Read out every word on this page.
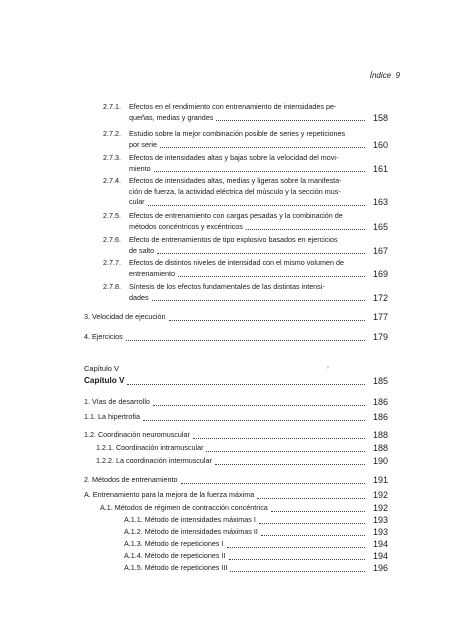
Índice 9
2.7.1. Efectos en el rendimiento con entrenamiento de intensidades pe-
queñas, medias y grandes	158
2.7.2. Estudio sobre la mejor combinación posible de series y repeticiones
por serie	160
2.7.3. Efectos de intensidades altas y bajas sobre la velocidad del movi-
miento	161
2.7.4. Efectos de intensidades altas, medias y ligeras sobre la manifesta-
ción de fuerza, la actividad eléctrica del músculo y la sección mus-
cular	163
2.7.5. Efectos de entrenamiento con cargas pesadas y la combinación de
métodos concéntricos y excéntricos	165
2.7.6. Efecto de entrenamientos de tipo explosivo basados en ejercicios
de salto	167
2.7.7. Efectos de distintos niveles de intensidad con el mismo volumen de
entrenamiento	169
2.7.8. Síntesis de los efectos fundamentales de las distintas intensi-
dades	172
3. Velocidad de ejecución	177
4. Ejercicios	179
Capítulo V
Capítulo V	185
1. Vías de desarrollo	186
1.1. La hipertrofia	186
1.2. Coordinación neuromuscular	188
1.2.1. Coordinación intramuscular	188
1.2.2. La coordinación intermuscular	190
2. Métodos de entrenamiento	191
A. Entrenamiento para la mejora de la fuerza máxima	192
A.1. Métodos de régimen de contracción concéntrica	192
A.1.1. Método de intensidades máximas I	193
A.1.2. Método de intensidades máximas II	193
A.1.3. Método de repeticiones I	194
A.1.4. Método de repeticiones II	194
A.1.5. Método de repeticiones III	196
ᵛ
